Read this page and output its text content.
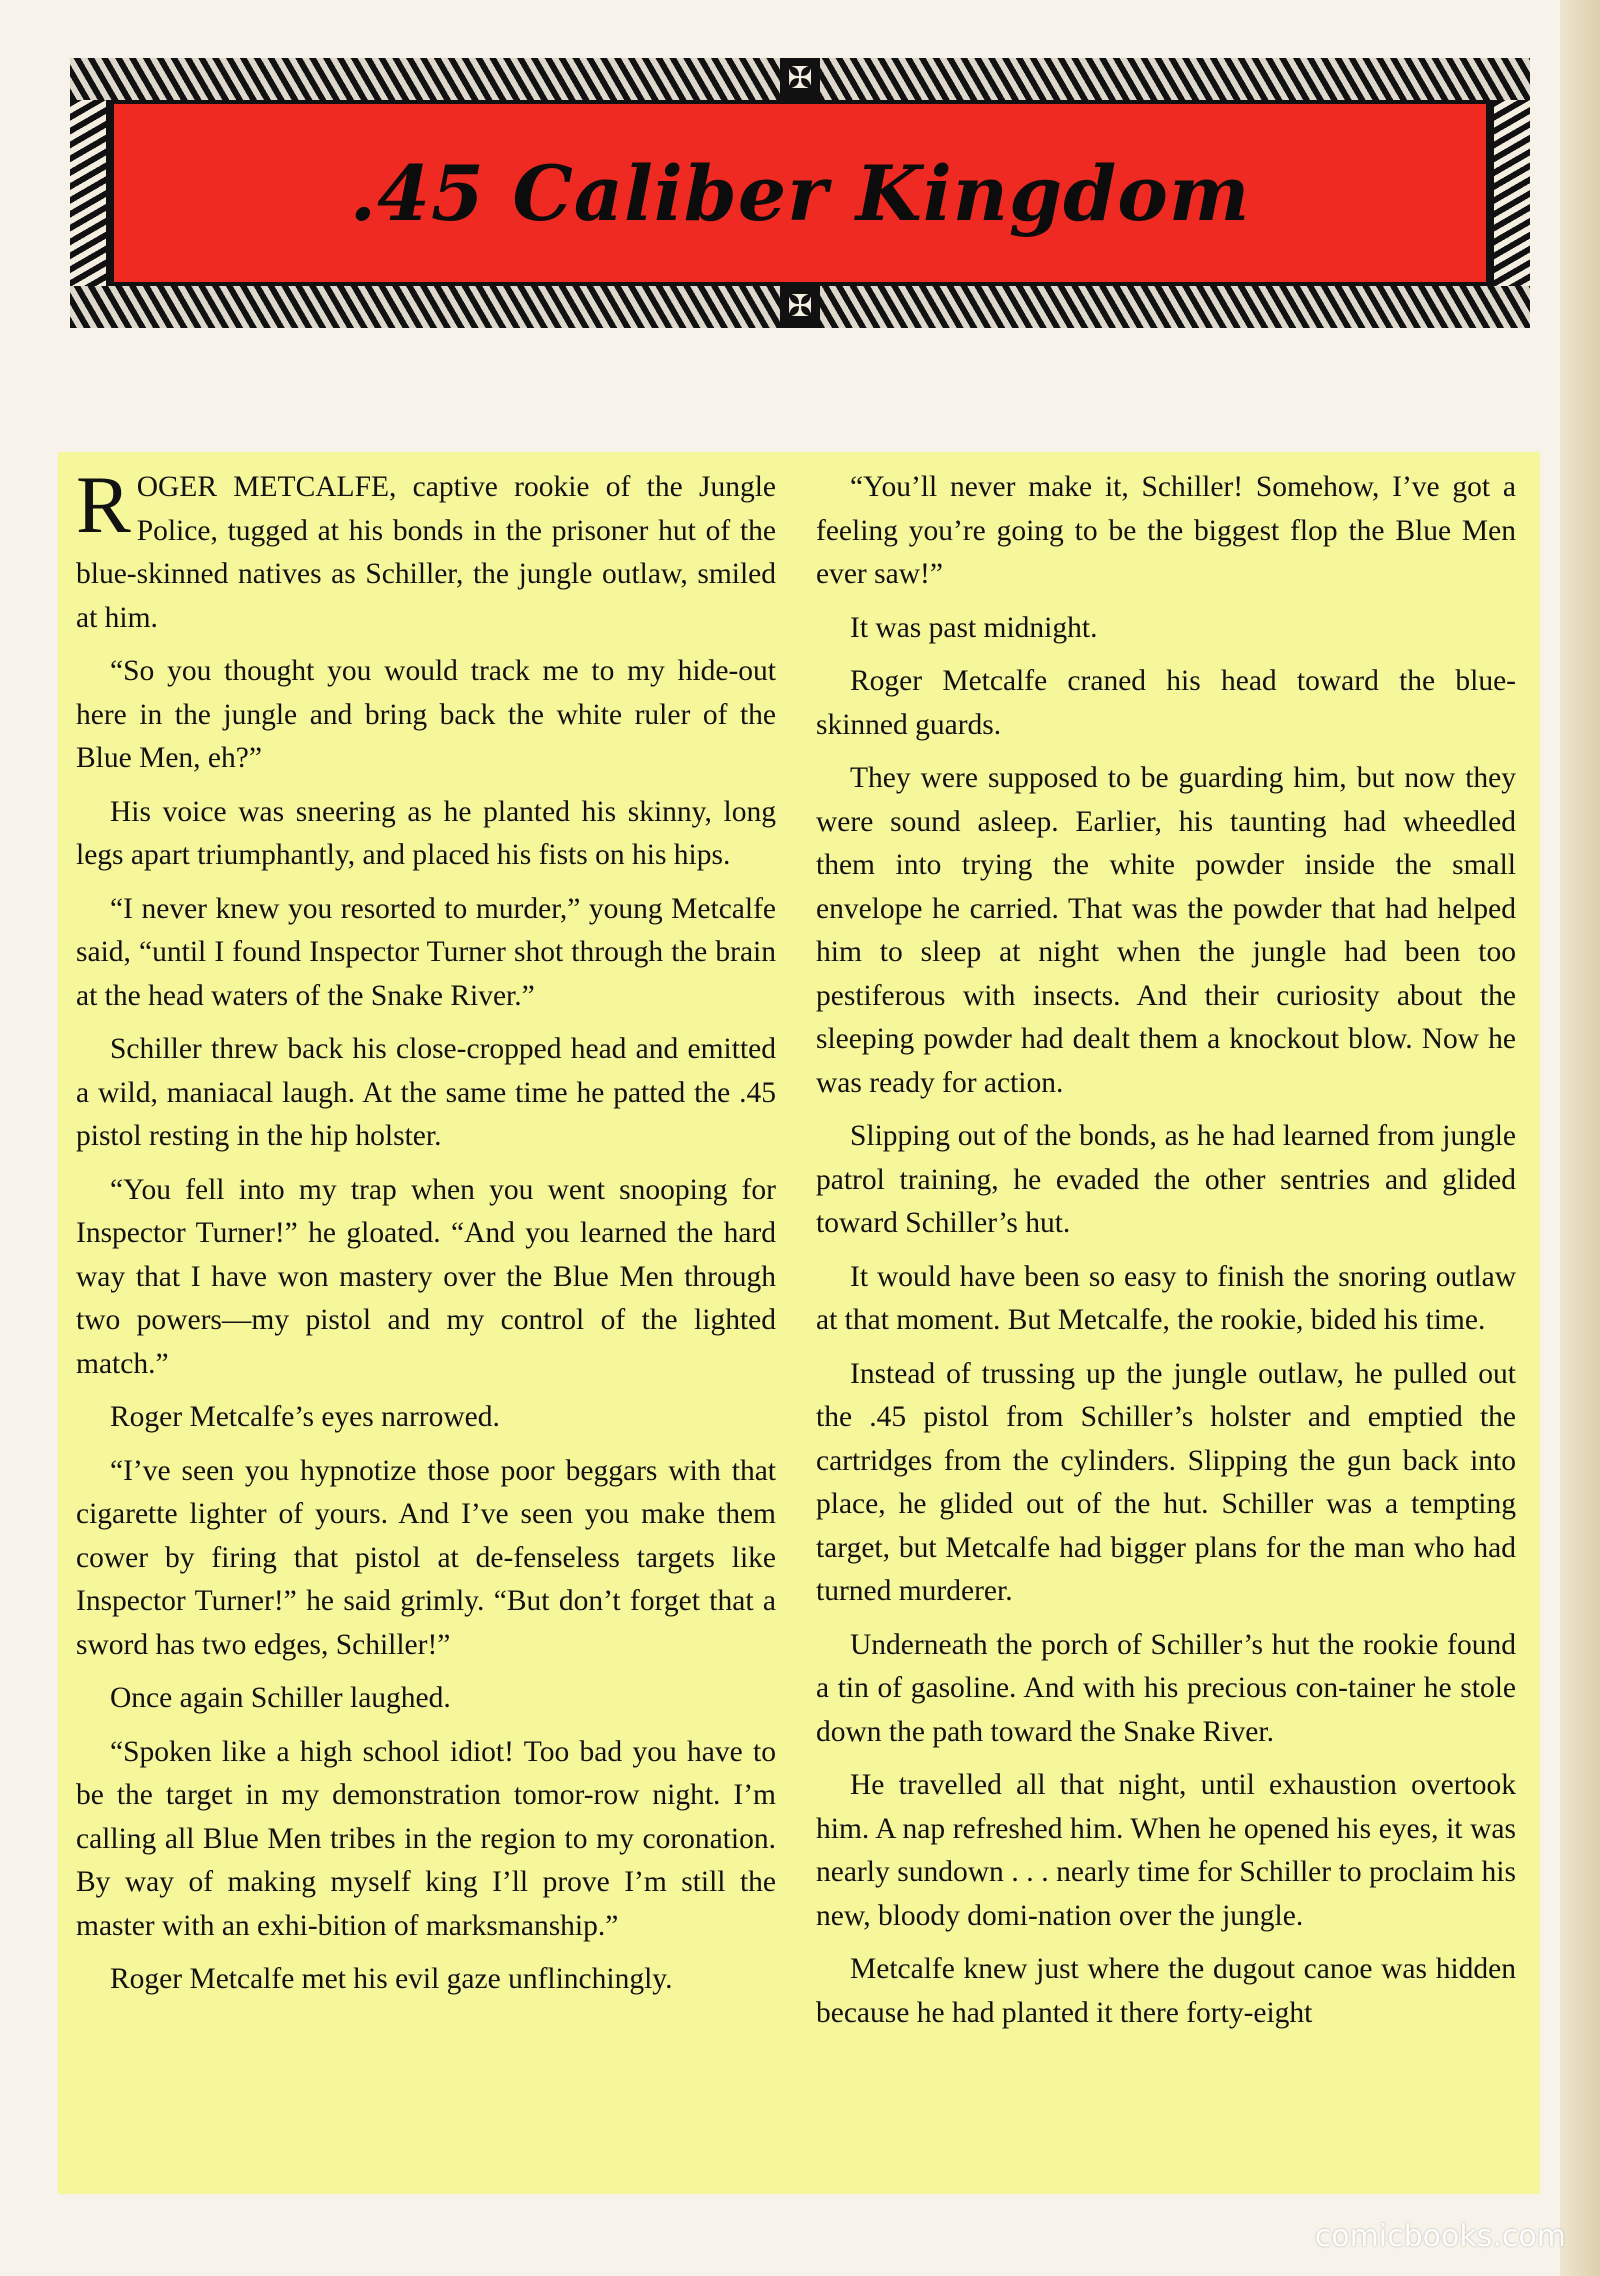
✠
✠
.45 Caliber Kingdom

ROGER METCALFE, captive rookie of the Jungle Police, tugged at his bonds in the prisoner hut of the blue-skinned natives as Schiller, the jungle outlaw, smiled at him.

“So you thought you would track me to my hide-out here in the jungle and bring back the white ruler of the Blue Men, eh?”

His voice was sneering as he planted his skinny, long legs apart triumphantly, and placed his fists on his hips.

“I never knew you resorted to murder,” young Metcalfe said, “until I found Inspector Turner shot through the brain at the head waters of the Snake River.”

Schiller threw back his close-cropped head and emitted a wild, maniacal laugh. At the same time he patted the .45 pistol resting in the hip holster.

“You fell into my trap when you went snooping for Inspector Turner!” he gloated. “And you learned the hard way that I have won mastery over the Blue Men through two powers—my pistol and my control of the lighted match.”

Roger Metcalfe’s eyes narrowed.

“I’ve seen you hypnotize those poor beggars with that cigarette lighter of yours. And I’ve seen you make them cower by firing that pistol at de-fenseless targets like Inspector Turner!” he said grimly. “But don’t forget that a sword has two edges, Schiller!”

Once again Schiller laughed.

“Spoken like a high school idiot! Too bad you have to be the target in my demonstration tomor-row night. I’m calling all Blue Men tribes in the region to my coronation. By way of making myself king I’ll prove I’m still the master with an exhi-bition of marksmanship.”

Roger Metcalfe met his evil gaze unflinchingly.

“You’ll never make it, Schiller! Somehow, I’ve got a feeling you’re going to be the biggest flop the Blue Men ever saw!”

It was past midnight.

Roger Metcalfe craned his head toward the blue-skinned guards.

They were supposed to be guarding him, but now they were sound asleep. Earlier, his taunting had wheedled them into trying the white powder inside the small envelope he carried. That was the powder that had helped him to sleep at night when the jungle had been too pestiferous with insects. And their curiosity about the sleeping powder had dealt them a knockout blow. Now he was ready for action.

Slipping out of the bonds, as he had learned from jungle patrol training, he evaded the other sentries and glided toward Schiller’s hut.

It would have been so easy to finish the snoring outlaw at that moment. But Metcalfe, the rookie, bided his time.

Instead of trussing up the jungle outlaw, he pulled out the .45 pistol from Schiller’s holster and emptied the cartridges from the cylinders. Slipping the gun back into place, he glided out of the hut. Schiller was a tempting target, but Metcalfe had bigger plans for the man who had turned murderer.

Underneath the porch of Schiller’s hut the rookie found a tin of gasoline. And with his precious con-tainer he stole down the path toward the Snake River.

He travelled all that night, until exhaustion overtook him. A nap refreshed him. When he opened his eyes, it was nearly sundown . . . nearly time for Schiller to proclaim his new, bloody domi-nation over the jungle.

Metcalfe knew just where the dugout canoe was hidden because he had planted it there forty-eight

comicbooks.com
